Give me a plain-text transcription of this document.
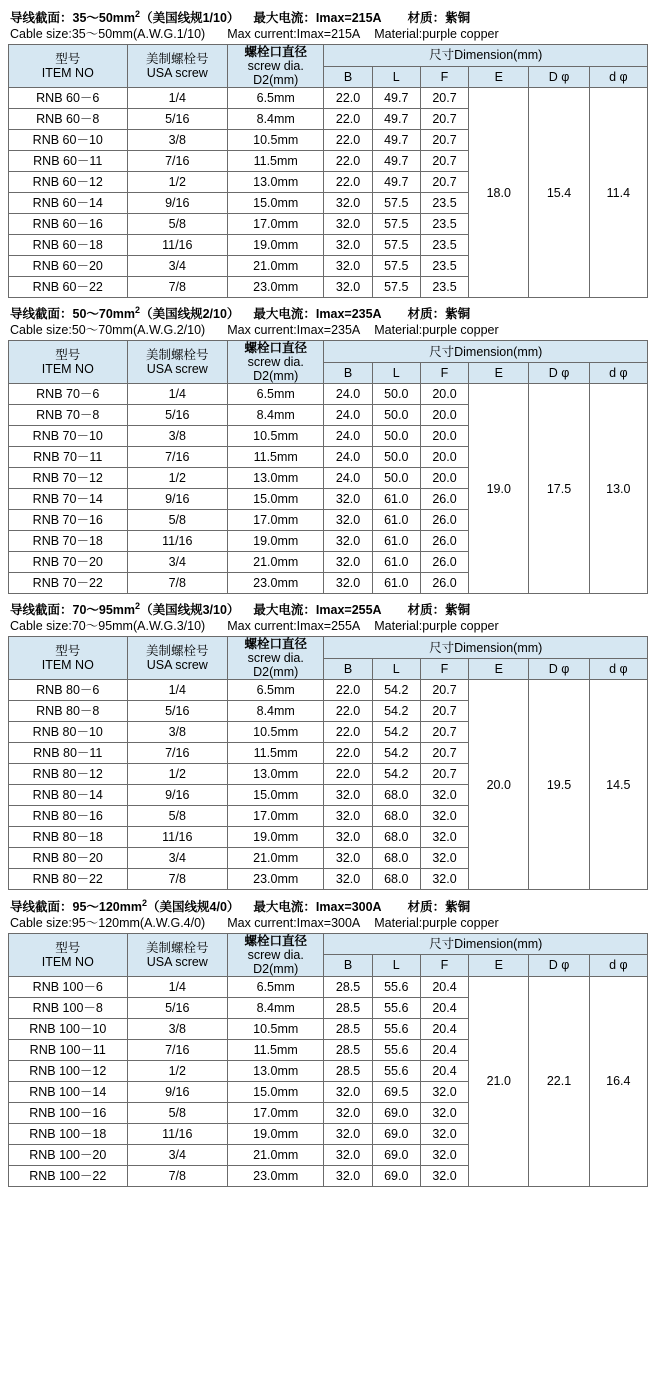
导线截面：$35\sim 50mm^2$（美国线规1/10） 最大电流：Imax=215A 材质：紫铜
Cable size:35～50mm(A.W.G.1/10) Max current:Imax=215A Material:purple copper
型号
ITEM NO

美制螺栓号
USA screw

螺栓口直径
screw dia.
D2(mm)
	尺寸Dimension(mm)
			B	L	F	E	D φ	d φ
RNB 60－6	1/4	6.5mm	22.0	49.7	20.7	18.0	15.4	11.4
RNB 60－8	5/16	8.4mm	22.0	49.7	20.7			
RNB 60－10	3/8	10.5mm	22.0	49.7	20.7			
RNB 60－11	7/16	11.5mm	22.0	49.7	20.7			
RNB 60－12	1/2	13.0mm	22.0	49.7	20.7			
RNB 60－14	9/16	15.0mm	32.0	57.5	23.5			
RNB 60－16	5/8	17.0mm	32.0	57.5	23.5			
RNB 60－18	11/16	19.0mm	32.0	57.5	23.5			
RNB 60－20	3/4	21.0mm	32.0	57.5	23.5			
RNB 60－22	7/8	23.0mm	32.0	57.5	23.5			
导线截面：$50\sim 70mm^2$（美国线规2/10） 最大电流：Imax=235A 材质：紫铜
Cable size:50～70mm(A.W.G.2/10) Max current:Imax=235A Material:purple copper
型号
ITEM NO

美制螺栓号
USA screw

螺栓口直径
screw dia.
D2(mm)
	尺寸Dimension(mm)
			B	L	F	E	D φ	d φ
RNB 70－6	1/4	6.5mm	24.0	50.0	20.0	19.0	17.5	13.0
RNB 70－8	5/16	8.4mm	24.0	50.0	20.0			
RNB 70－10	3/8	10.5mm	24.0	50.0	20.0			
RNB 70－11	7/16	11.5mm	24.0	50.0	20.0			
RNB 70－12	1/2	13.0mm	24.0	50.0	20.0			
RNB 70－14	9/16	15.0mm	32.0	61.0	26.0			
RNB 70－16	5/8	17.0mm	32.0	61.0	26.0			
RNB 70－18	11/16	19.0mm	32.0	61.0	26.0			
RNB 70－20	3/4	21.0mm	32.0	61.0	26.0			
RNB 70－22	7/8	23.0mm	32.0	61.0	26.0			
导线截面：$70\sim 95mm^2$（美国线规3/10） 最大电流：Imax=255A 材质：紫铜
Cable size:70～95mm(A.W.G.3/10) Max current:Imax=255A Material:purple copper
型号
ITEM NO

美制螺栓号
USA screw

螺栓口直径
screw dia.
D2(mm)
	尺寸Dimension(mm)
			B	L	F	E	D φ	d φ
RNB 80－6	1/4	6.5mm	22.0	54.2	20.7	20.0	19.5	14.5
RNB 80－8	5/16	8.4mm	22.0	54.2	20.7			
RNB 80－10	3/8	10.5mm	22.0	54.2	20.7			
RNB 80－11	7/16	11.5mm	22.0	54.2	20.7			
RNB 80－12	1/2	13.0mm	22.0	54.2	20.7			
RNB 80－14	9/16	15.0mm	32.0	68.0	32.0			
RNB 80－16	5/8	17.0mm	32.0	68.0	32.0			
RNB 80－18	11/16	19.0mm	32.0	68.0	32.0			
RNB 80－20	3/4	21.0mm	32.0	68.0	32.0			
RNB 80－22	7/8	23.0mm	32.0	68.0	32.0			
导线截面：$95\sim 120mm^2$（美国线规4/0） 最大电流：Imax=300A 材质：紫铜
Cable size:95～120mm(A.W.G.4/0) Max current:Imax=300A Material:purple copper
型号
ITEM NO

美制螺栓号
USA screw

螺栓口直径
screw dia.
D2(mm)
	尺寸Dimension(mm)
			B	L	F	E	D φ	d φ
RNB 100－6	1/4	6.5mm	28.5	55.6	20.4	21.0	22.1	16.4
RNB 100－8	5/16	8.4mm	28.5	55.6	20.4			
RNB 100－10	3/8	10.5mm	28.5	55.6	20.4			
RNB 100－11	7/16	11.5mm	28.5	55.6	20.4			
RNB 100－12	1/2	13.0mm	28.5	55.6	20.4			
RNB 100－14	9/16	15.0mm	32.0	69.5	32.0			
RNB 100－16	5/8	17.0mm	32.0	69.0	32.0			
RNB 100－18	11/16	19.0mm	32.0	69.0	32.0			
RNB 100－20	3/4	21.0mm	32.0	69.0	32.0			
RNB 100－22	7/8	23.0mm	32.0	69.0	32.0			
